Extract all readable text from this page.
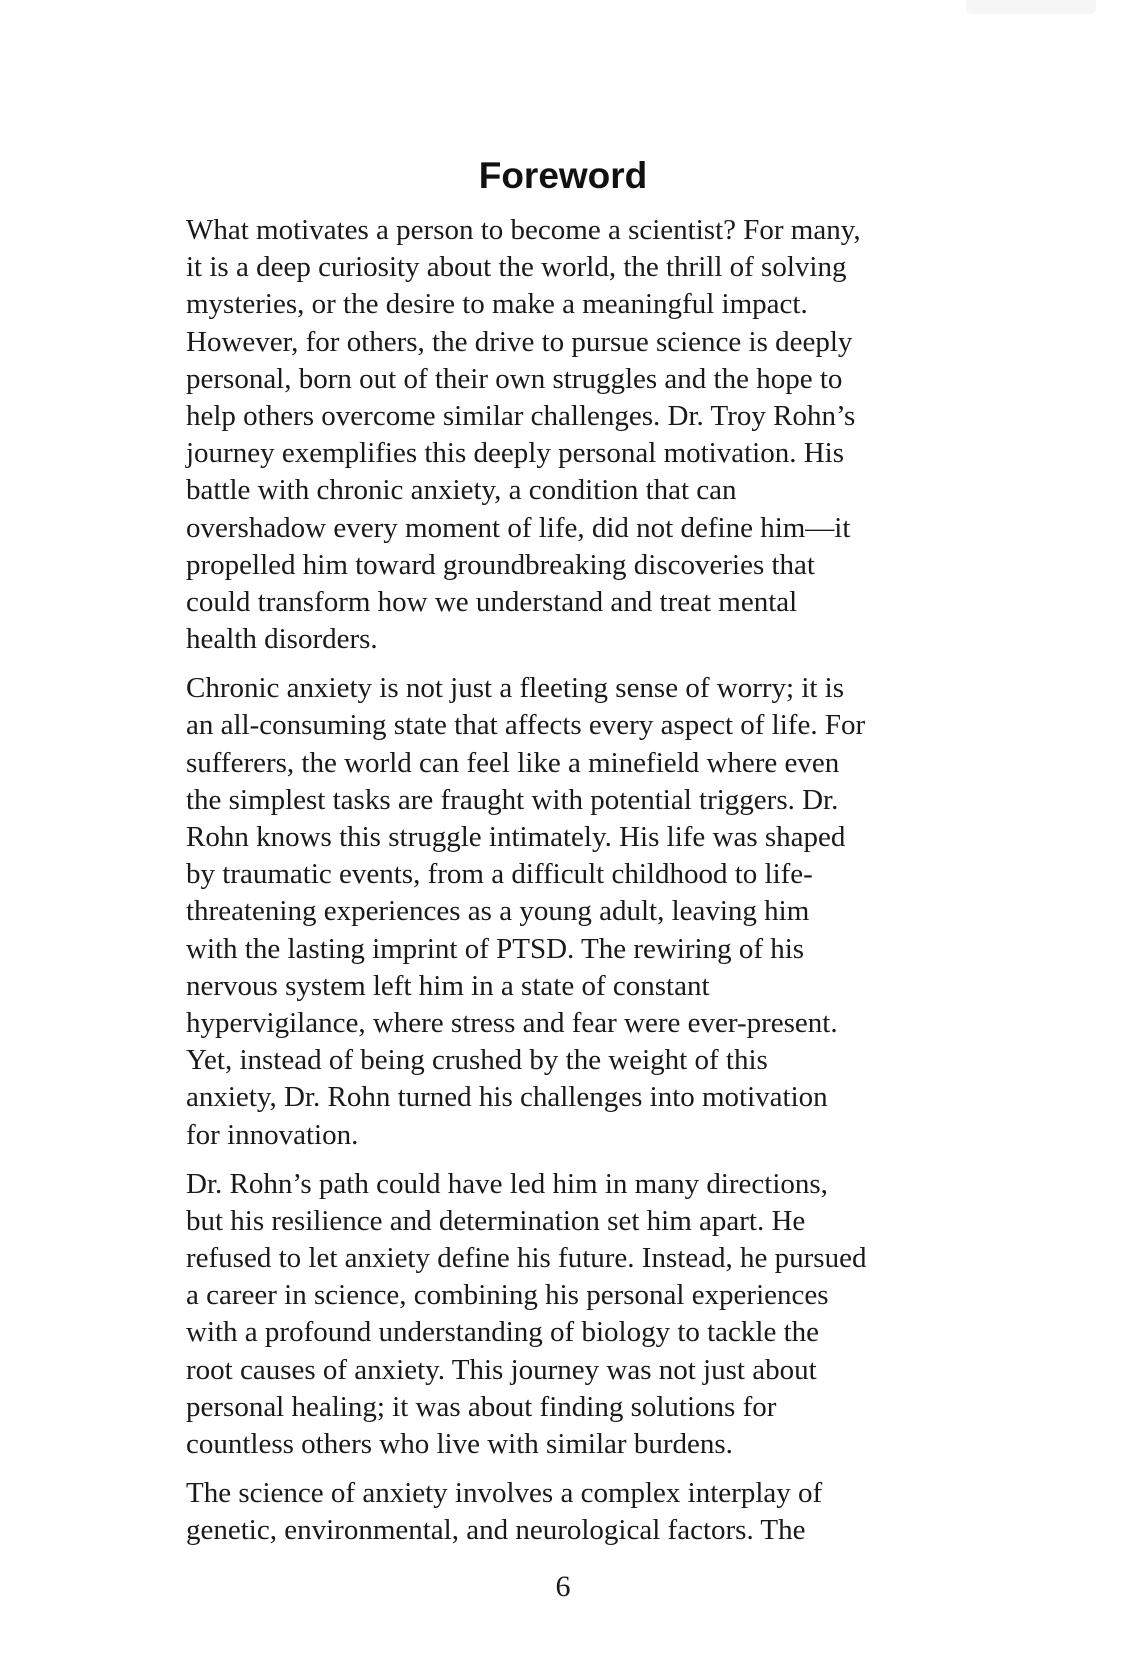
Foreword
What motivates a person to become a scientist? For many,
it is a deep curiosity about the world, the thrill of solving
mysteries, or the desire to make a meaningful impact.
However, for others, the drive to pursue science is deeply
personal, born out of their own struggles and the hope to
help others overcome similar challenges. Dr. Troy Rohn’s
journey exemplifies this deeply personal motivation. His
battle with chronic anxiety, a condition that can
overshadow every moment of life, did not define him—it
propelled him toward groundbreaking discoveries that
could transform how we understand and treat mental
health disorders.
Chronic anxiety is not just a fleeting sense of worry; it is
an all-consuming state that affects every aspect of life. For
sufferers, the world can feel like a minefield where even
the simplest tasks are fraught with potential triggers. Dr.
Rohn knows this struggle intimately. His life was shaped
by traumatic events, from a difficult childhood to life-
threatening experiences as a young adult, leaving him
with the lasting imprint of PTSD. The rewiring of his
nervous system left him in a state of constant
hypervigilance, where stress and fear were ever-present.
Yet, instead of being crushed by the weight of this
anxiety, Dr. Rohn turned his challenges into motivation
for innovation.
Dr. Rohn’s path could have led him in many directions,
but his resilience and determination set him apart. He
refused to let anxiety define his future. Instead, he pursued
a career in science, combining his personal experiences
with a profound understanding of biology to tackle the
root causes of anxiety. This journey was not just about
personal healing; it was about finding solutions for
countless others who live with similar burdens.
The science of anxiety involves a complex interplay of
genetic, environmental, and neurological factors. The
6
